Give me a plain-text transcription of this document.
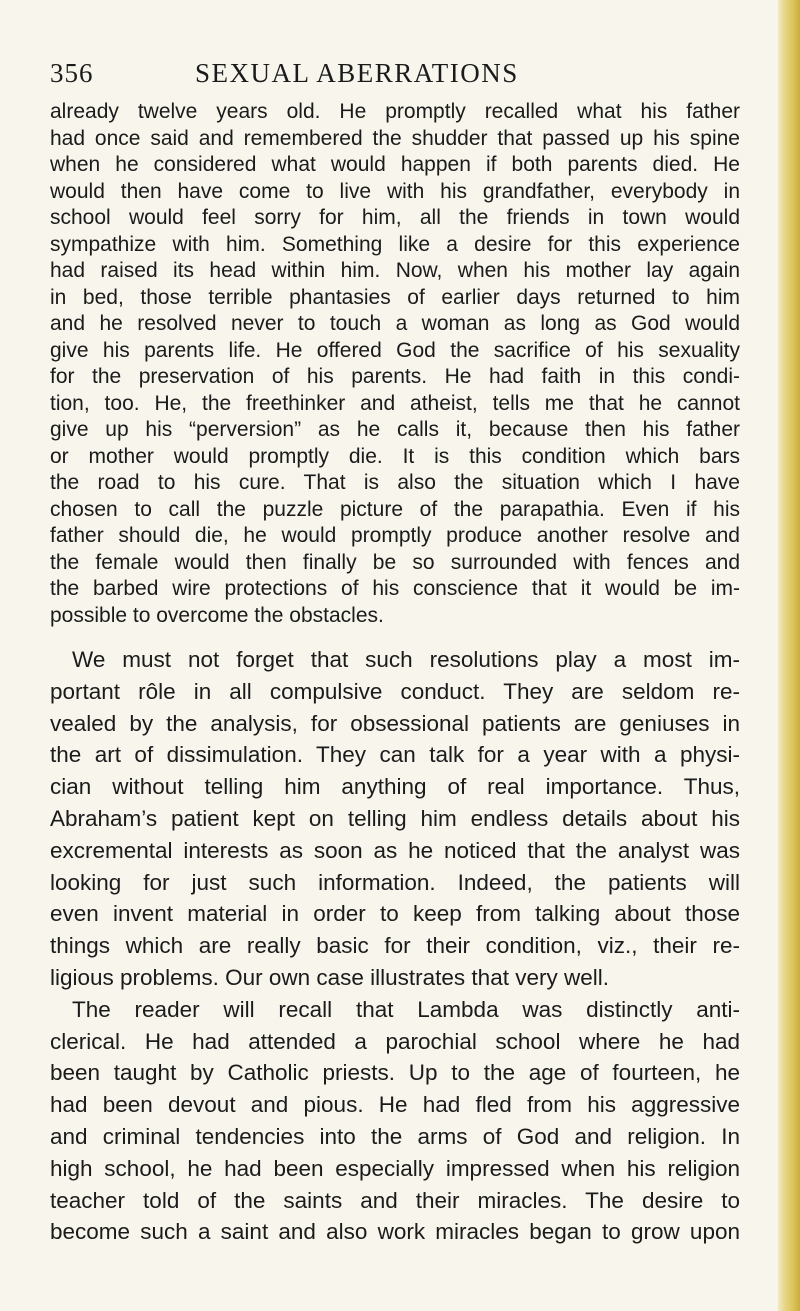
356	SEXUAL ABERRATIONS
already twelve years old. He promptly recalled what his father
had once said and remembered the shudder that passed up his spine
when he considered what would happen if both parents died. He
would then have come to live with his grandfather, everybody in
school would feel sorry for him, all the friends in town would
sympathize with him. Something like a desire for this experience
had raised its head within him. Now, when his mother lay again
in bed, those terrible phantasies of earlier days returned to him
and he resolved never to touch a woman as long as God would
give his parents life. He offered God the sacrifice of his sexuality
for the preservation of his parents. He had faith in this condi-
tion, too. He, the freethinker and atheist, tells me that he cannot
give up his “perversion” as he calls it, because then his father
or mother would promptly die. It is this condition which bars
the road to his cure. That is also the situation which I have
chosen to call the puzzle picture of the parapathia. Even if his
father should die, he would promptly produce another resolve and
the female would then finally be so surrounded with fences and
the barbed wire protections of his conscience that it would be im-
possible to overcome the obstacles.
We must not forget that such resolutions play a most im-
portant rôle in all compulsive conduct. They are seldom re-
vealed by the analysis, for obsessional patients are geniuses in
the art of dissimulation. They can talk for a year with a physi-
cian without telling him anything of real importance. Thus,
Abraham’s patient kept on telling him endless details about his
excremental interests as soon as he noticed that the analyst was
looking for just such information. Indeed, the patients will
even invent material in order to keep from talking about those
things which are really basic for their condition, viz., their re-
ligious problems. Our own case illustrates that very well.
The reader will recall that Lambda was distinctly anti-
clerical. He had attended a parochial school where he had
been taught by Catholic priests. Up to the age of fourteen, he
had been devout and pious. He had fled from his aggressive
and criminal tendencies into the arms of God and religion. In
high school, he had been especially impressed when his religion
teacher told of the saints and their miracles. The desire to
become such a saint and also work miracles began to grow upon
